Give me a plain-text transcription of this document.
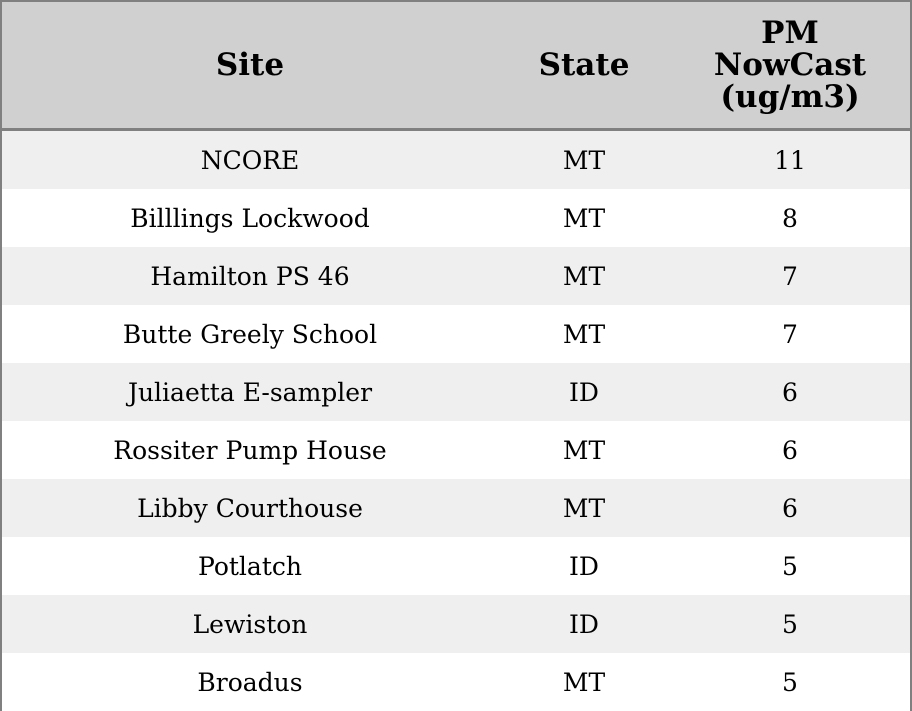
Site	State	PM
NowCast
(ug/m3)

NCORE	MT	11
Billlings Lockwood	MT	8
Hamilton PS 46	MT	7
Butte Greely School	MT	7
Juliaetta E-sampler	ID	6
Rossiter Pump House	MT	6
Libby Courthouse	MT	6
Potlatch	ID	5
Lewiston	ID	5
Broadus	MT	5
